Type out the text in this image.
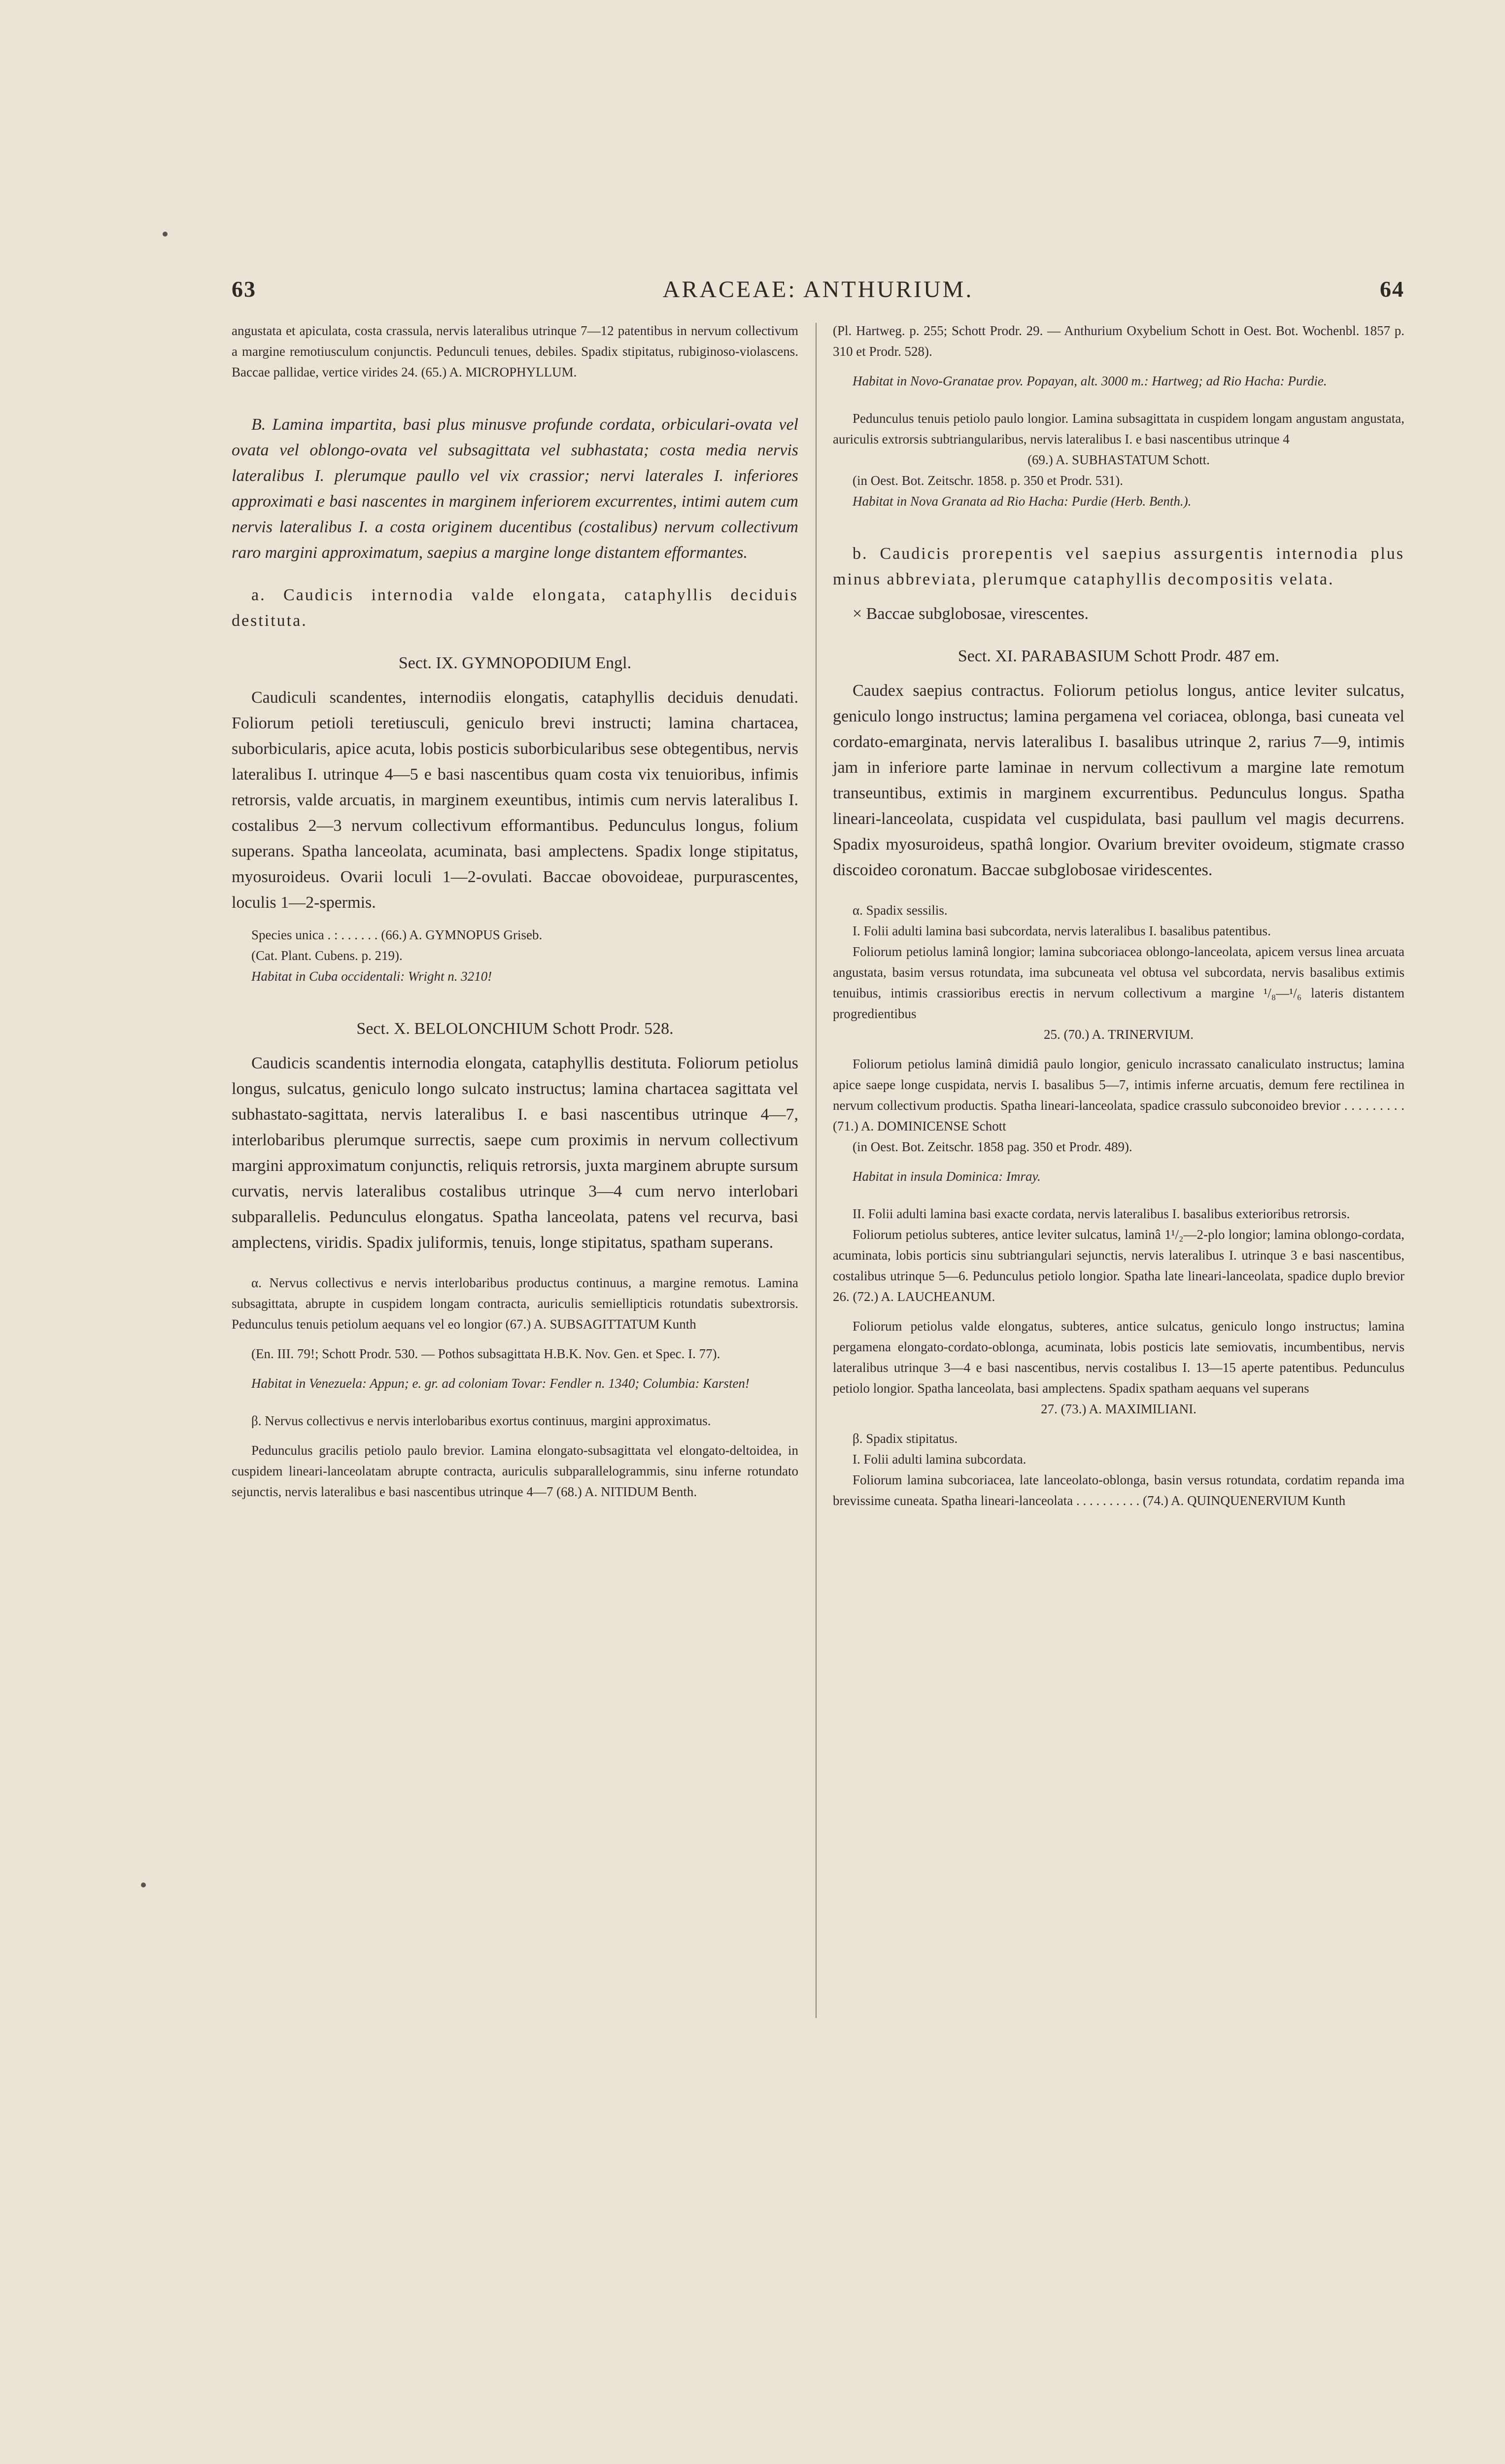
63	ARACEAE: ANTHURIUM.	64

angustata et apiculata, costa crassula, nervis lateralibus utrinque 7—12 patentibus in nervum collectivum a margine remotiusculum conjunctis. Pedunculi tenues, debiles. Spadix stipitatus, rubiginoso-violascens. Baccae pallidae, vertice virides 24. (65.) A. MICROPHYLLUM.

B. Lamina impartita, basi plus minusve profunde cordata, orbiculari-ovata vel ovata vel oblongo-ovata vel subsagittata vel subhastata; costa media nervis lateralibus I. plerumque paullo vel vix crassior; nervi laterales I. inferiores approximati e basi nascentes in marginem inferiorem excurrentes, intimi autem cum nervis lateralibus I. a costa originem ducentibus (costalibus) nervum collectivum raro margini approximatum, saepius a margine longe distantem efformantes.

a. Caudicis internodia valde elongata, cataphyllis deciduis destituta.

Sect. IX. GYMNOPODIUM Engl.

Caudiculi scandentes, internodiis elongatis, cataphyllis deciduis denudati. Foliorum petioli teretiusculi, geniculo brevi instructi; lamina chartacea, suborbicularis, apice acuta, lobis posticis suborbicularibus sese obtegentibus, nervis lateralibus I. utrinque 4—5 e basi nascentibus quam costa vix tenuioribus, infimis retrorsis, valde arcuatis, in marginem exeuntibus, intimis cum nervis lateralibus I. costalibus 2—3 nervum collectivum efformantibus. Pedunculus longus, folium superans. Spatha lanceolata, acuminata, basi amplectens. Spadix longe stipitatus, myosuroideus. Ovarii loculi 1—2-ovulati. Baccae obovoideae, purpurascentes, loculis 1—2-spermis.

Species unica . : . . . . . . (66.) A. GYMNOPUS Griseb.

(Cat. Plant. Cubens. p. 219).

Habitat in Cuba occidentali: Wright n. 3210!

Sect. X. BELOLONCHIUM Schott Prodr. 528.

Caudicis scandentis internodia elongata, cataphyllis destituta. Foliorum petiolus longus, sulcatus, geniculo longo sulcato instructus; lamina chartacea sagittata vel subhastato-sagittata, nervis lateralibus I. e basi nascentibus utrinque 4—7, interlobaribus plerumque surrectis, saepe cum proximis in nervum collectivum margini approximatum conjunctis, reliquis retrorsis, juxta marginem abrupte sursum curvatis, nervis lateralibus costalibus utrinque 3—4 cum nervo interlobari subparallelis. Pedunculus elongatus. Spatha lanceolata, patens vel recurva, basi amplectens, viridis. Spadix juliformis, tenuis, longe stipitatus, spatham superans.

α. Nervus collectivus e nervis interlobaribus productus continuus, a margine remotus. Lamina subsagittata, abrupte in cuspidem longam contracta, auriculis semiellipticis rotundatis subextrorsis. Pedunculus tenuis petiolum aequans vel eo longior (67.) A. SUBSAGITTATUM Kunth

(En. III. 79!; Schott Prodr. 530. — Pothos subsagittata H.B.K. Nov. Gen. et Spec. I. 77).

Habitat in Venezuela: Appun; e. gr. ad coloniam Tovar: Fendler n. 1340; Columbia: Karsten!

β. Nervus collectivus e nervis interlobaribus exortus continuus, margini approximatus.

Pedunculus gracilis petiolo paulo brevior. Lamina elongato-subsagittata vel elongato-deltoidea, in cuspidem lineari-lanceolatam abrupte contracta, auriculis subparallelogrammis, sinu inferne rotundato sejunctis, nervis lateralibus e basi nascentibus utrinque 4—7 (68.) A. NITIDUM Benth.

(Pl. Hartweg. p. 255; Schott Prodr. 29. — Anthurium Oxybelium Schott in Oest. Bot. Wochenbl. 1857 p. 310 et Prodr. 528).

Habitat in Novo-Granatae prov. Popayan, alt. 3000 m.: Hartweg; ad Rio Hacha: Purdie.

Pedunculus tenuis petiolo paulo longior. Lamina subsagittata in cuspidem longam angustam angustata, auriculis extrorsis subtriangularibus, nervis lateralibus I. e basi nascentibus utrinque 4

(69.) A. SUBHASTATUM Schott.

(in Oest. Bot. Zeitschr. 1858. p. 350 et Prodr. 531).

Habitat in Nova Granata ad Rio Hacha: Purdie (Herb. Benth.).

b. Caudicis prorepentis vel saepius assurgentis internodia plus minus abbreviata, plerumque cataphyllis decompositis velata.

× Baccae subglobosae, virescentes.

Sect. XI. PARABASIUM Schott Prodr. 487 em.

Caudex saepius contractus. Foliorum petiolus longus, antice leviter sulcatus, geniculo longo instructus; lamina pergamena vel coriacea, oblonga, basi cuneata vel cordato-emarginata, nervis lateralibus I. basalibus utrinque 2, rarius 7—9, intimis jam in inferiore parte laminae in nervum collectivum a margine late remotum transeuntibus, extimis in marginem excurrentibus. Pedunculus longus. Spatha lineari-lanceolata, cuspidata vel cuspidulata, basi paullum vel magis decurrens. Spadix myosuroideus, spathâ longior. Ovarium breviter ovoideum, stigmate crasso discoideo coronatum. Baccae subglobosae viridescentes.

α. Spadix sessilis.

I. Folii adulti lamina basi subcordata, nervis lateralibus I. basalibus patentibus.

Foliorum petiolus laminâ longior; lamina subcoriacea oblongo-lanceolata, apicem versus linea arcuata angustata, basim versus rotundata, ima subcuneata vel obtusa vel subcordata, nervis basalibus extimis tenuibus, intimis crassioribus erectis in nervum collectivum a margine ¹/₈—¹/₆ lateris distantem progredientibus

25. (70.) A. TRINERVIUM.

Foliorum petiolus laminâ dimidiâ paulo longior, geniculo incrassato canaliculato instructus; lamina apice saepe longe cuspidata, nervis I. basalibus 5—7, intimis inferne arcuatis, demum fere rectilinea in nervum collectivum productis. Spatha lineari-lanceolata, spadice crassulo subconoideo brevior . . . . . . . . . (71.) A. DOMINICENSE Schott

(in Oest. Bot. Zeitschr. 1858 pag. 350 et Prodr. 489).

Habitat in insula Dominica: Imray.

II. Folii adulti lamina basi exacte cordata, nervis lateralibus I. basalibus exterioribus retrorsis.

Foliorum petiolus subteres, antice leviter sulcatus, laminâ 1¹/₂—2-plo longior; lamina oblongo-cordata, acuminata, lobis porticis sinu subtriangulari sejunctis, nervis lateralibus I. utrinque 3 e basi nascentibus, costalibus utrinque 5—6. Pedunculus petiolo longior. Spatha late lineari-lanceolata, spadice duplo brevior 26. (72.) A. LAUCHEANUM.

Foliorum petiolus valde elongatus, subteres, antice sulcatus, geniculo longo instructus; lamina pergamena elongato-cordato-oblonga, acuminata, lobis posticis late semiovatis, incumbentibus, nervis lateralibus utrinque 3—4 e basi nascentibus, nervis costalibus I. 13—15 aperte patentibus. Pedunculus petiolo longior. Spatha lanceolata, basi amplectens. Spadix spatham aequans vel superans

27. (73.) A. MAXIMILIANI.

β. Spadix stipitatus.

I. Folii adulti lamina subcordata.

Foliorum lamina subcoriacea, late lanceolato-oblonga, basin versus rotundata, cordatim repanda ima brevissime cuneata. Spatha lineari-lanceolata . . . . . . . . . . (74.) A. QUINQUENERVIUM Kunth
